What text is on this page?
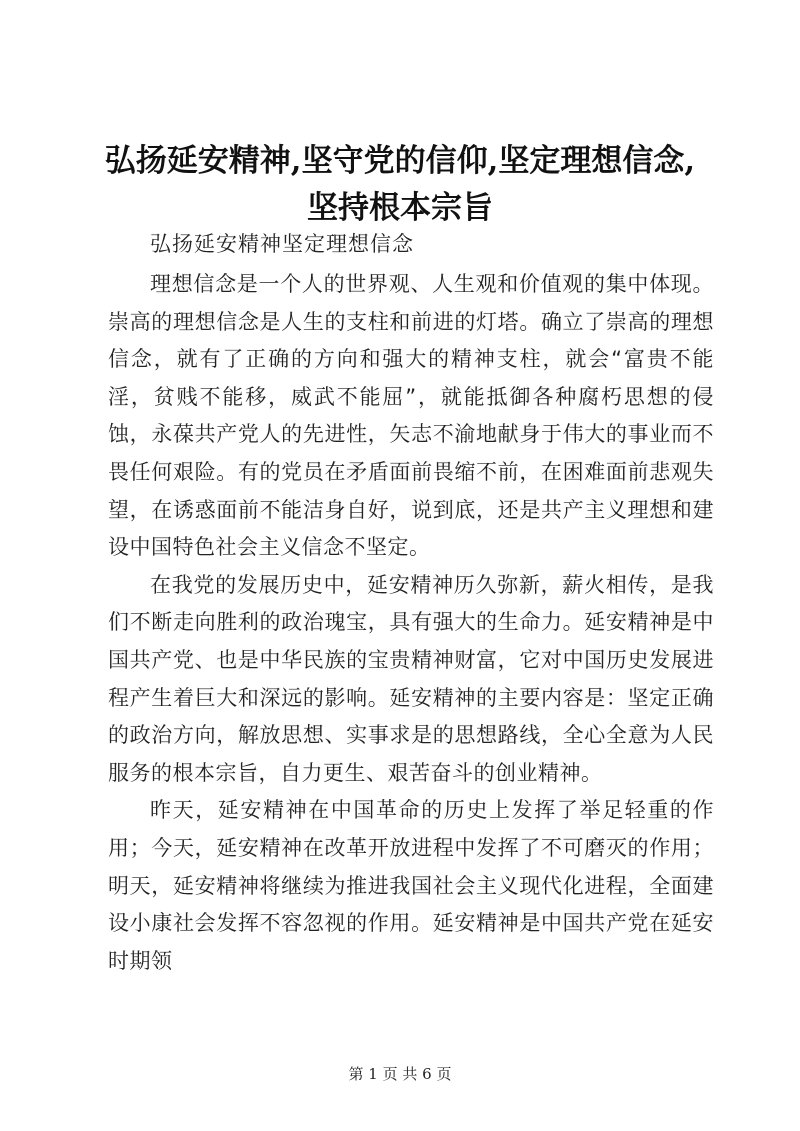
弘扬延安精神,坚守党的信仰,坚定理想信念,坚持根本宗旨
弘扬延安精神坚定理想信念

理想信念是一个人的世界观、人生观和价值观的集中体现。崇高的理想信念是人生的支柱和前进的灯塔。确立了崇高的理想信念，就有了正确的方向和强大的精神支柱，就会“富贵不能淫，贫贱不能移，威武不能屈”，就能抵御各种腐朽思想的侵蚀，永葆共产党人的先进性，矢志不渝地献身于伟大的事业而不畏任何艰险。有的党员在矛盾面前畏缩不前，在困难面前悲观失望，在诱惑面前不能洁身自好，说到底，还是共产主义理想和建设中国特色社会主义信念不坚定。

在我党的发展历史中，延安精神历久弥新，薪火相传，是我们不断走向胜利的政治瑰宝，具有强大的生命力。延安精神是中国共产党、也是中华民族的宝贵精神财富，它对中国历史发展进程产生着巨大和深远的影响。延安精神的主要内容是：坚定正确的政治方向，解放思想、实事求是的思想路线，全心全意为人民服务的根本宗旨，自力更生、艰苦奋斗的创业精神。

昨天，延安精神在中国革命的历史上发挥了举足轻重的作用；今天，延安精神在改革开放进程中发挥了不可磨灭的作用；明天，延安精神将继续为推进我国社会主义现代化进程，全面建设小康社会发挥不容忽视的作用。延安精神是中国共产党在延安时期领

第 1 页 共 6 页
